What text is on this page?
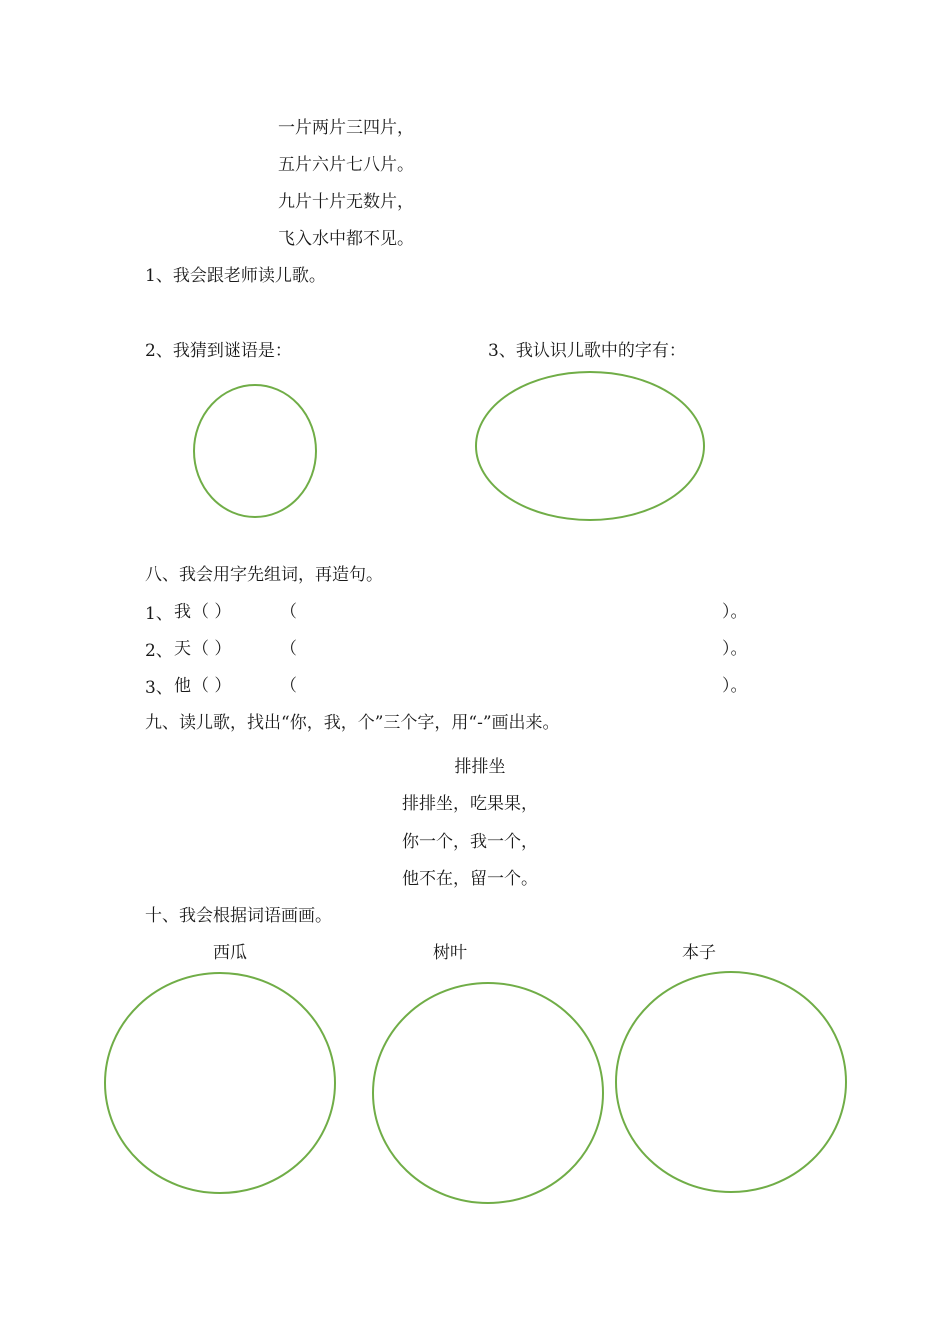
一片两片三四片，
五片六片七八片。
九片十片无数片，
飞入水中都不见。
1、我会跟老师读儿歌。
2、我猜到谜语是：	3、我认识儿歌中的字有：
八、我会用字先组词，再造句。
1、 我 （ ）	（	）。
2、 天 （ ）	（	）。
3、 他 （ ）	（	）。
九、读儿歌，找出“你，我，个”三个字，用“-”画出来。
排排坐
排排坐，吃果果，
你一个，我一个，
他不在，留一个。
十、我会根据词语画画。
西瓜	树叶	本子
